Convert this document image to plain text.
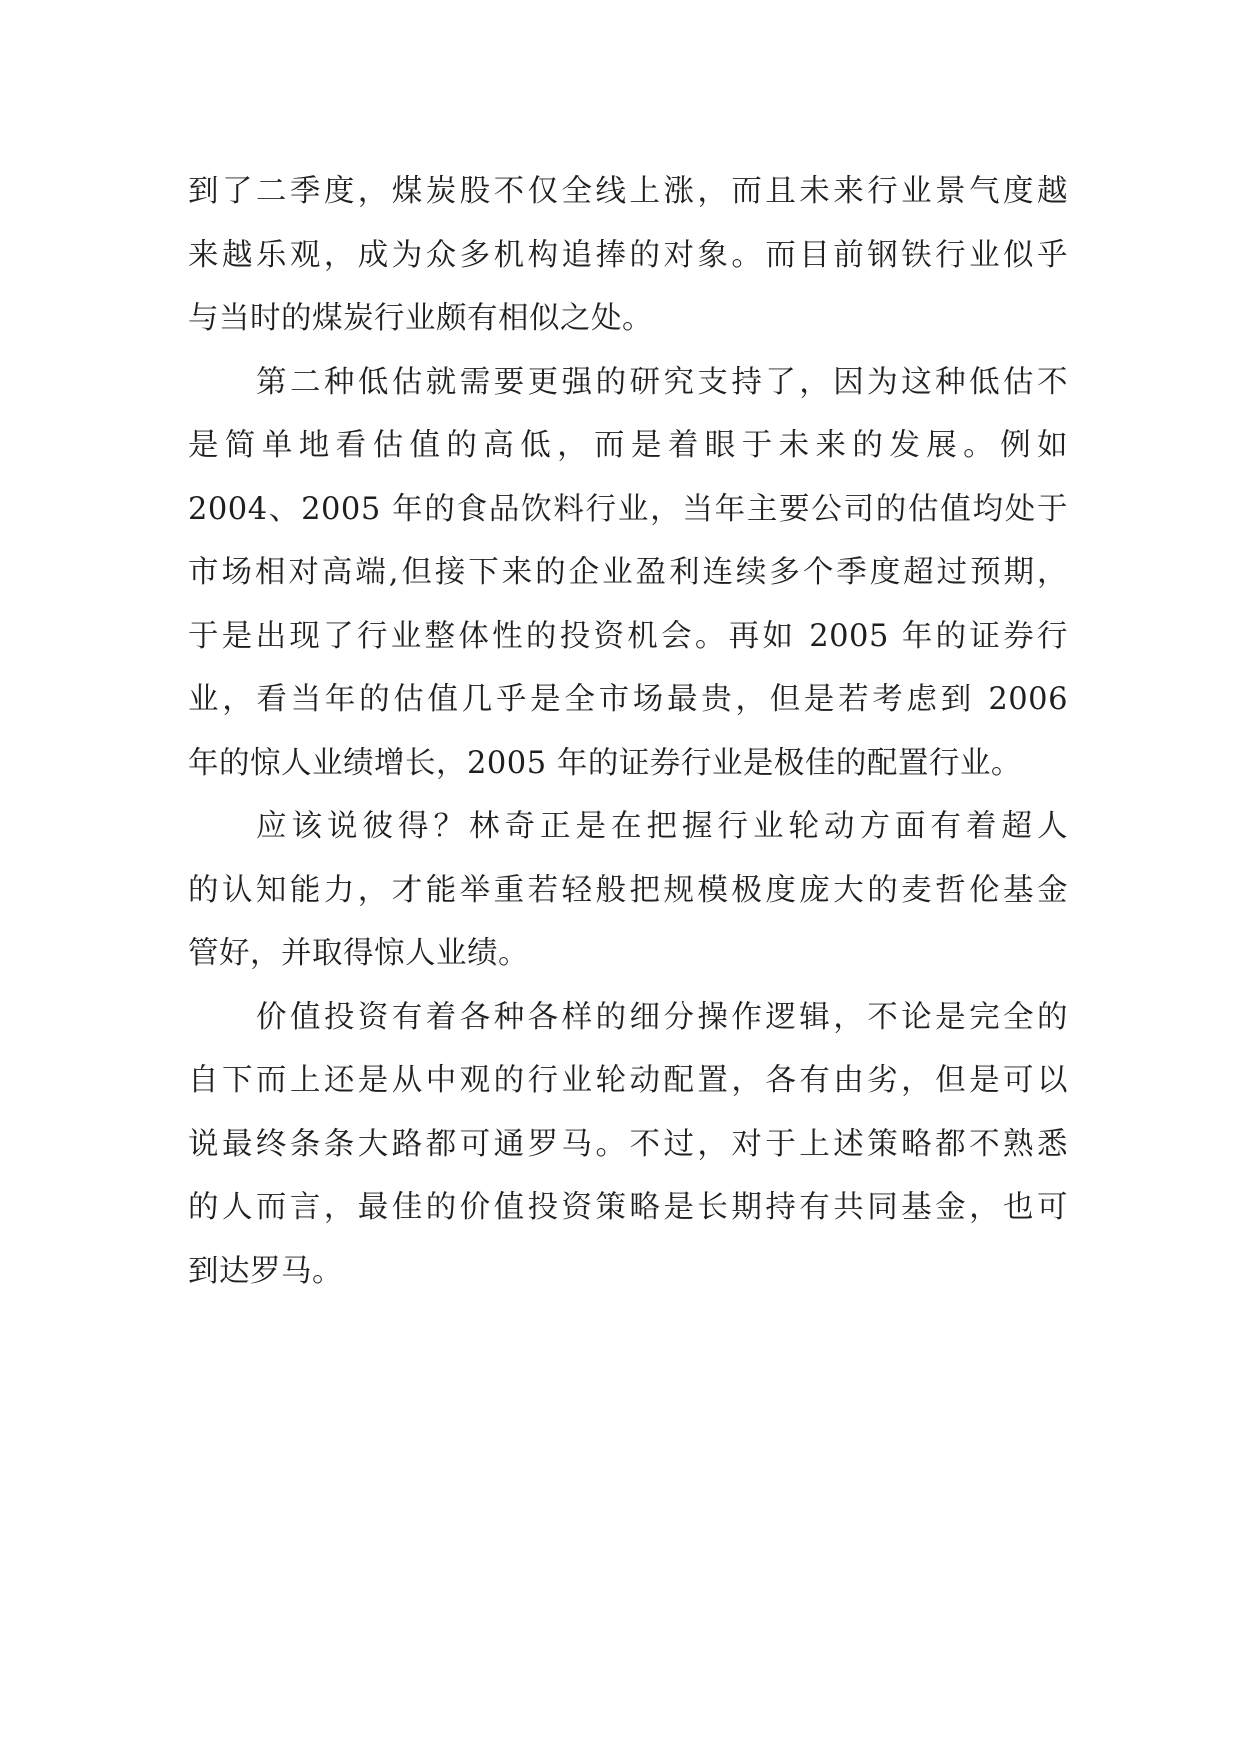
到了二季度，煤炭股不仅全线上涨，而且未来行业景气度越
来越乐观，成为众多机构追捧的对象。而目前钢铁行业似乎
与当时的煤炭行业颇有相似之处。
第二种低估就需要更强的研究支持了，因为这种低估不
是简单地看估值的高低，而是着眼于未来的发展。例如
2004、2005 年的食品饮料行业，当年主要公司的估值均处于
市场相对高端,但接下来的企业盈利连续多个季度超过预期，
于是出现了行业整体性的投资机会。再如 2005 年的证券行
业，看当年的估值几乎是全市场最贵，但是若考虑到 2006
年的惊人业绩增长，2005 年的证券行业是极佳的配置行业。
应该说彼得？林奇正是在把握行业轮动方面有着超人
的认知能力，才能举重若轻般把规模极度庞大的麦哲伦基金
管好，并取得惊人业绩。
价值投资有着各种各样的细分操作逻辑，不论是完全的
自下而上还是从中观的行业轮动配置，各有由劣，但是可以
说最终条条大路都可通罗马。不过，对于上述策略都不熟悉
的人而言，最佳的价值投资策略是长期持有共同基金，也可
到达罗马。
